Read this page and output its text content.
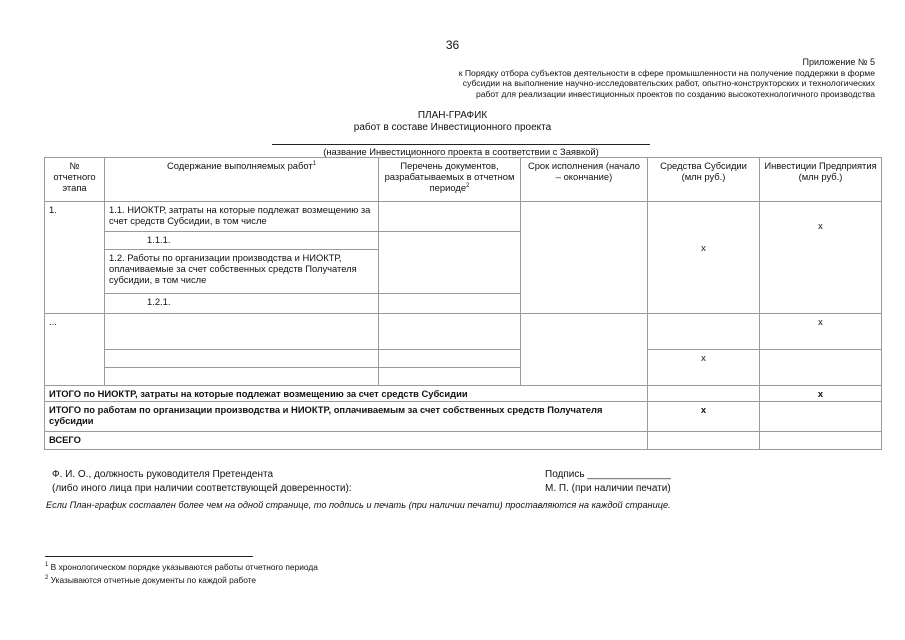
36
Приложение № 5
к Порядку отбора субъектов деятельности в сфере промышленности на получение поддержки в форме
субсидии на выполнение научно-исследовательских работ, опытно-конструкторских и технологических
работ для реализации инвестиционных проектов по созданию высокотехнологичного производства
ПЛАН-ГРАФИК
работ в составе Инвестиционного проекта
(название Инвестиционного проекта в соответствии с Заявкой)
№ отчетного этапа	Содержание выполняемых работ$^1$	Перечень документов, разрабатываемых в отчетном периоде$^2$	Срок исполнения (начало – окончание)	Средства Субсидии (млн руб.)	Инвестиции Предприятия (млн руб.)
1.	1.1. НИОКТР, затраты на которые подлежат возмещению за счет средств Субсидии, в том числе			x	x
	1.1.1.				
	1.2. Работы по организации производства и НИОКТР, оплачиваемые за счет собственных средств Получателя субсидии, в том числе				
	1.2.1.				
...					x
				x	

ИТОГО по НИОКТР, затраты на которые подлежат возмещению за счет средств Субсидии					x
ИТОГО по работам по организации производства и НИОКТР, оплачиваемым за счет собственных средств Получателя субсидии				x	
ВСЕГО					
Ф. И. О., должность руководителя Претендента
(либо иного лица при наличии соответствующей доверенности):
Подпись _______________
М. П. (при наличии печати)
Если План-график составлен более чем на одной странице, то подпись и печать (при наличии печати) проставляются на каждой странице.
$^1$ В хронологическом порядке указываются работы отчетного периода
$^2$ Указываются отчетные документы по каждой работе
